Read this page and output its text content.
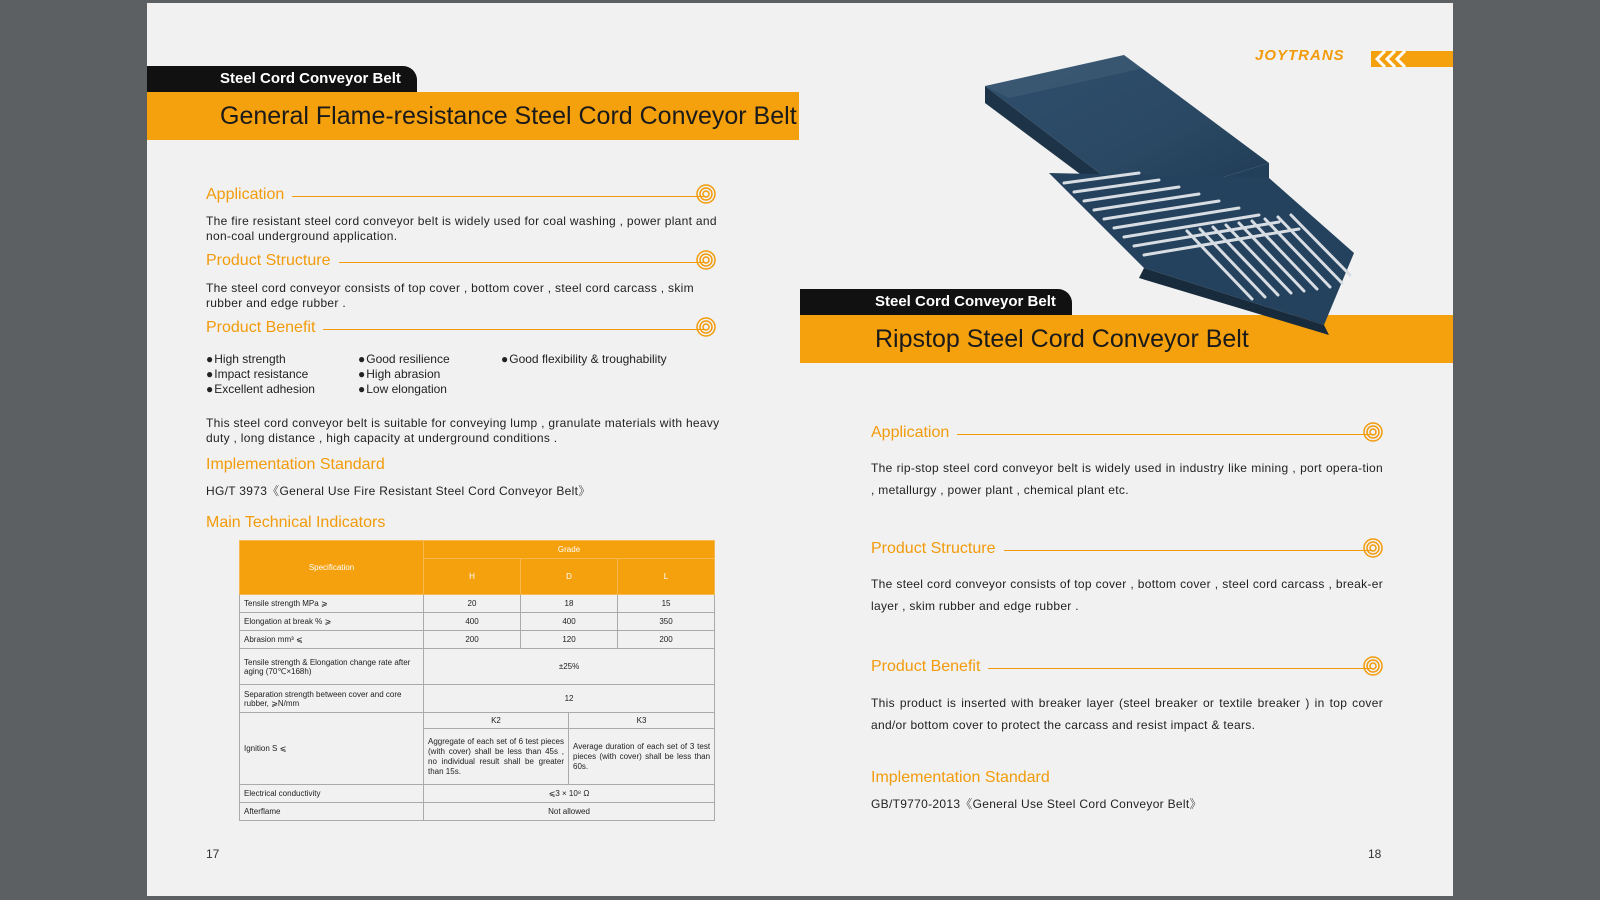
Steel Cord Conveyor Belt
General Flame-resistance Steel Cord Conveyor Belt
Application
The fire resistant steel cord conveyor belt is widely used for coal washing , power plant and non-coal underground application.
Product Structure
The steel cord conveyor consists of top cover , bottom cover , steel cord carcass , skim rubber and edge rubber .
Product Benefit
● High strength
● Impact resistance
● Excellent adhesion
● Good resilience
● High abrasion
● Low elongation
● Good flexibility & troughability
This steel cord conveyor belt is suitable for conveying lump , granulate materials with heavy duty , long distance , high capacity at underground conditions .
Implementation Standard
HG/T 3973《General Use Fire Resistant Steel Cord Conveyor Belt》
Main Technical Indicators
Specification	Grade			
	H	D		L
Tensile strength MPa ⩾	20	18		15
Elongation at break % ⩾	400	400		350
Abrasion mm³ ⩽	200	120		200
Tensile strength & Elongation change rate after aging (70℃×168h)	±25%			
Separation strength between cover and core rubber, ⩾N/mm	12			
Ignition S ⩽	K2		K3	
	Aggregate of each set of 6 test pieces (with cover) shall be less than 45s , no individual result shall be greater than 15s.		Average duration of each set of 3 test pieces (with cover) shall be less than 60s.	
Electrical conductivity	⩽3 × 10⁸ Ω			
Afterflame	Not allowed			
17
Steel Cord Conveyor Belt
Ripstop Steel Cord Conveyor Belt
Application
The rip-stop steel cord conveyor belt is widely used in industry like mining , port opera-tion , metallurgy , power plant , chemical plant etc.
Product Structure
The steel cord conveyor consists of top cover , bottom cover , steel cord carcass , break-er layer , skim rubber and edge rubber .
Product Benefit
This product is inserted with breaker layer (steel breaker or textile breaker ) in top cover and/or bottom cover to protect the carcass and resist impact & tears.
Implementation Standard
GB/T9770-2013《General Use Steel Cord Conveyor Belt》
18
JOYTRANS
